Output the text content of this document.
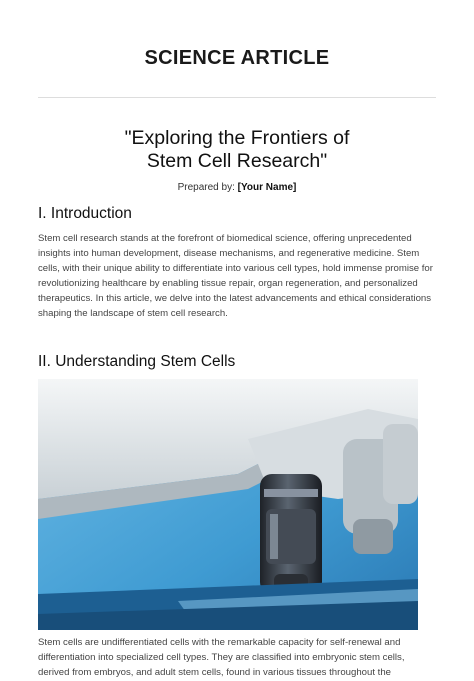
SCIENCE ARTICLE
"Exploring the Frontiers of
Stem Cell Research"
Prepared by: [Your Name]
I. Introduction
Stem cell research stands at the forefront of biomedical science, offering unprecedented insights into human development, disease mechanisms, and regenerative medicine. Stem cells, with their unique ability to differentiate into various cell types, hold immense promise for revolutionizing healthcare by enabling tissue repair, organ regeneration, and personalized therapeutics. In this article, we delve into the latest advancements and ethical considerations shaping the landscape of stem cell research.
II. Understanding Stem Cells
Stem cells are undifferentiated cells with the remarkable capacity for self-renewal and differentiation into specialized cell types. They are classified into embryonic stem cells, derived from embryos, and adult stem cells, found in various tissues throughout the
